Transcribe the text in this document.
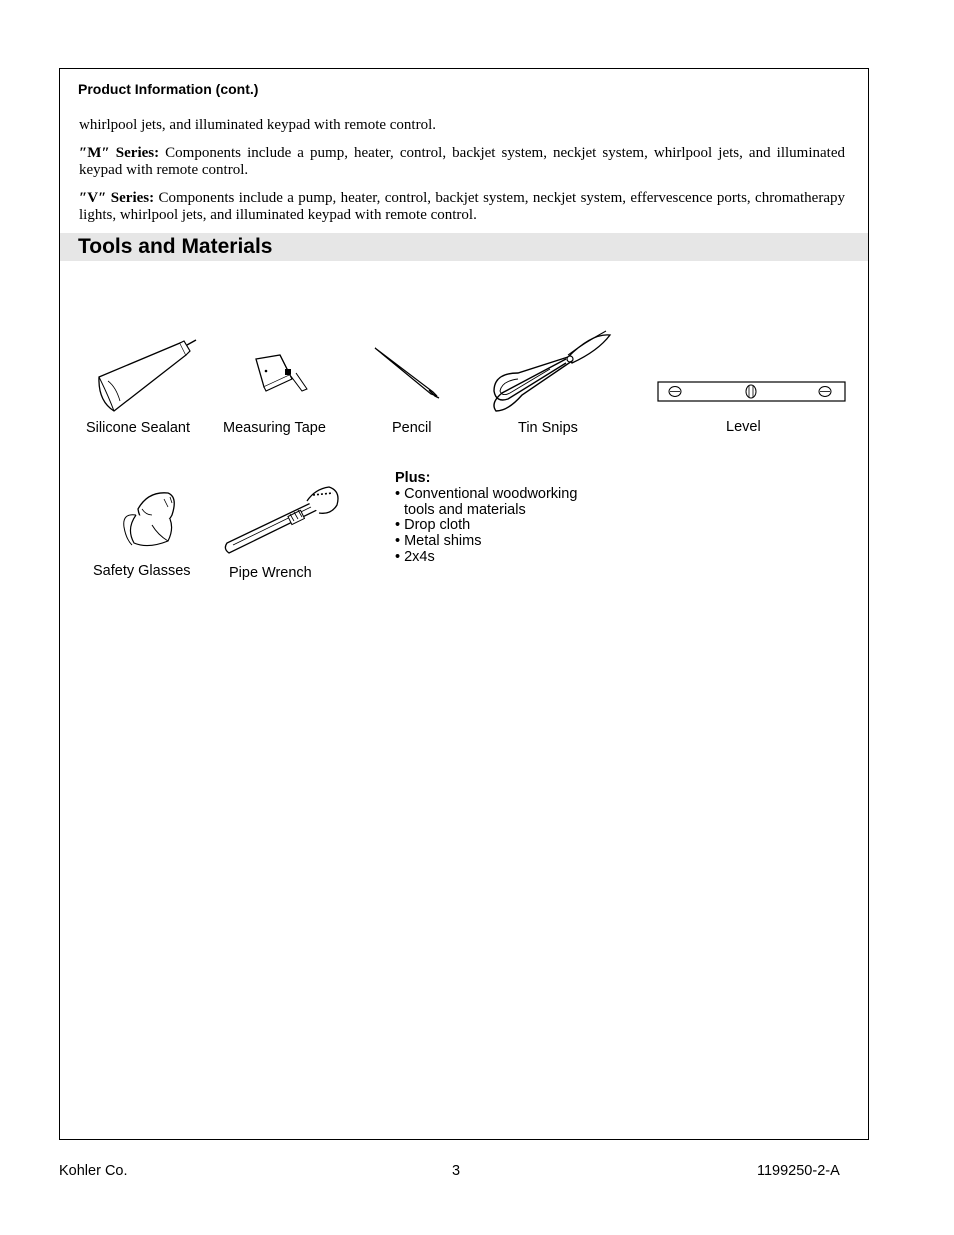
Product Information (cont.)
whirlpool jets, and illuminated keypad with remote control.
″M″ Series: Components include a pump, heater, control, backjet system, neckjet system, whirlpool jets, and illuminated keypad with remote control.
″V″ Series: Components include a pump, heater, control, backjet system, neckjet system, effervescence ports, chromatherapy lights, whirlpool jets, and illuminated keypad with remote control.
Tools and Materials
Silicone Sealant Measuring Tape	Pencil	Tin Snips	Level
Safety Glasses	Pipe Wrench
Plus:
• Conventional woodworking
tools and materials
• Drop cloth
• Metal shims
• 2x4s
Kohler Co.	3	1199250-2-A
